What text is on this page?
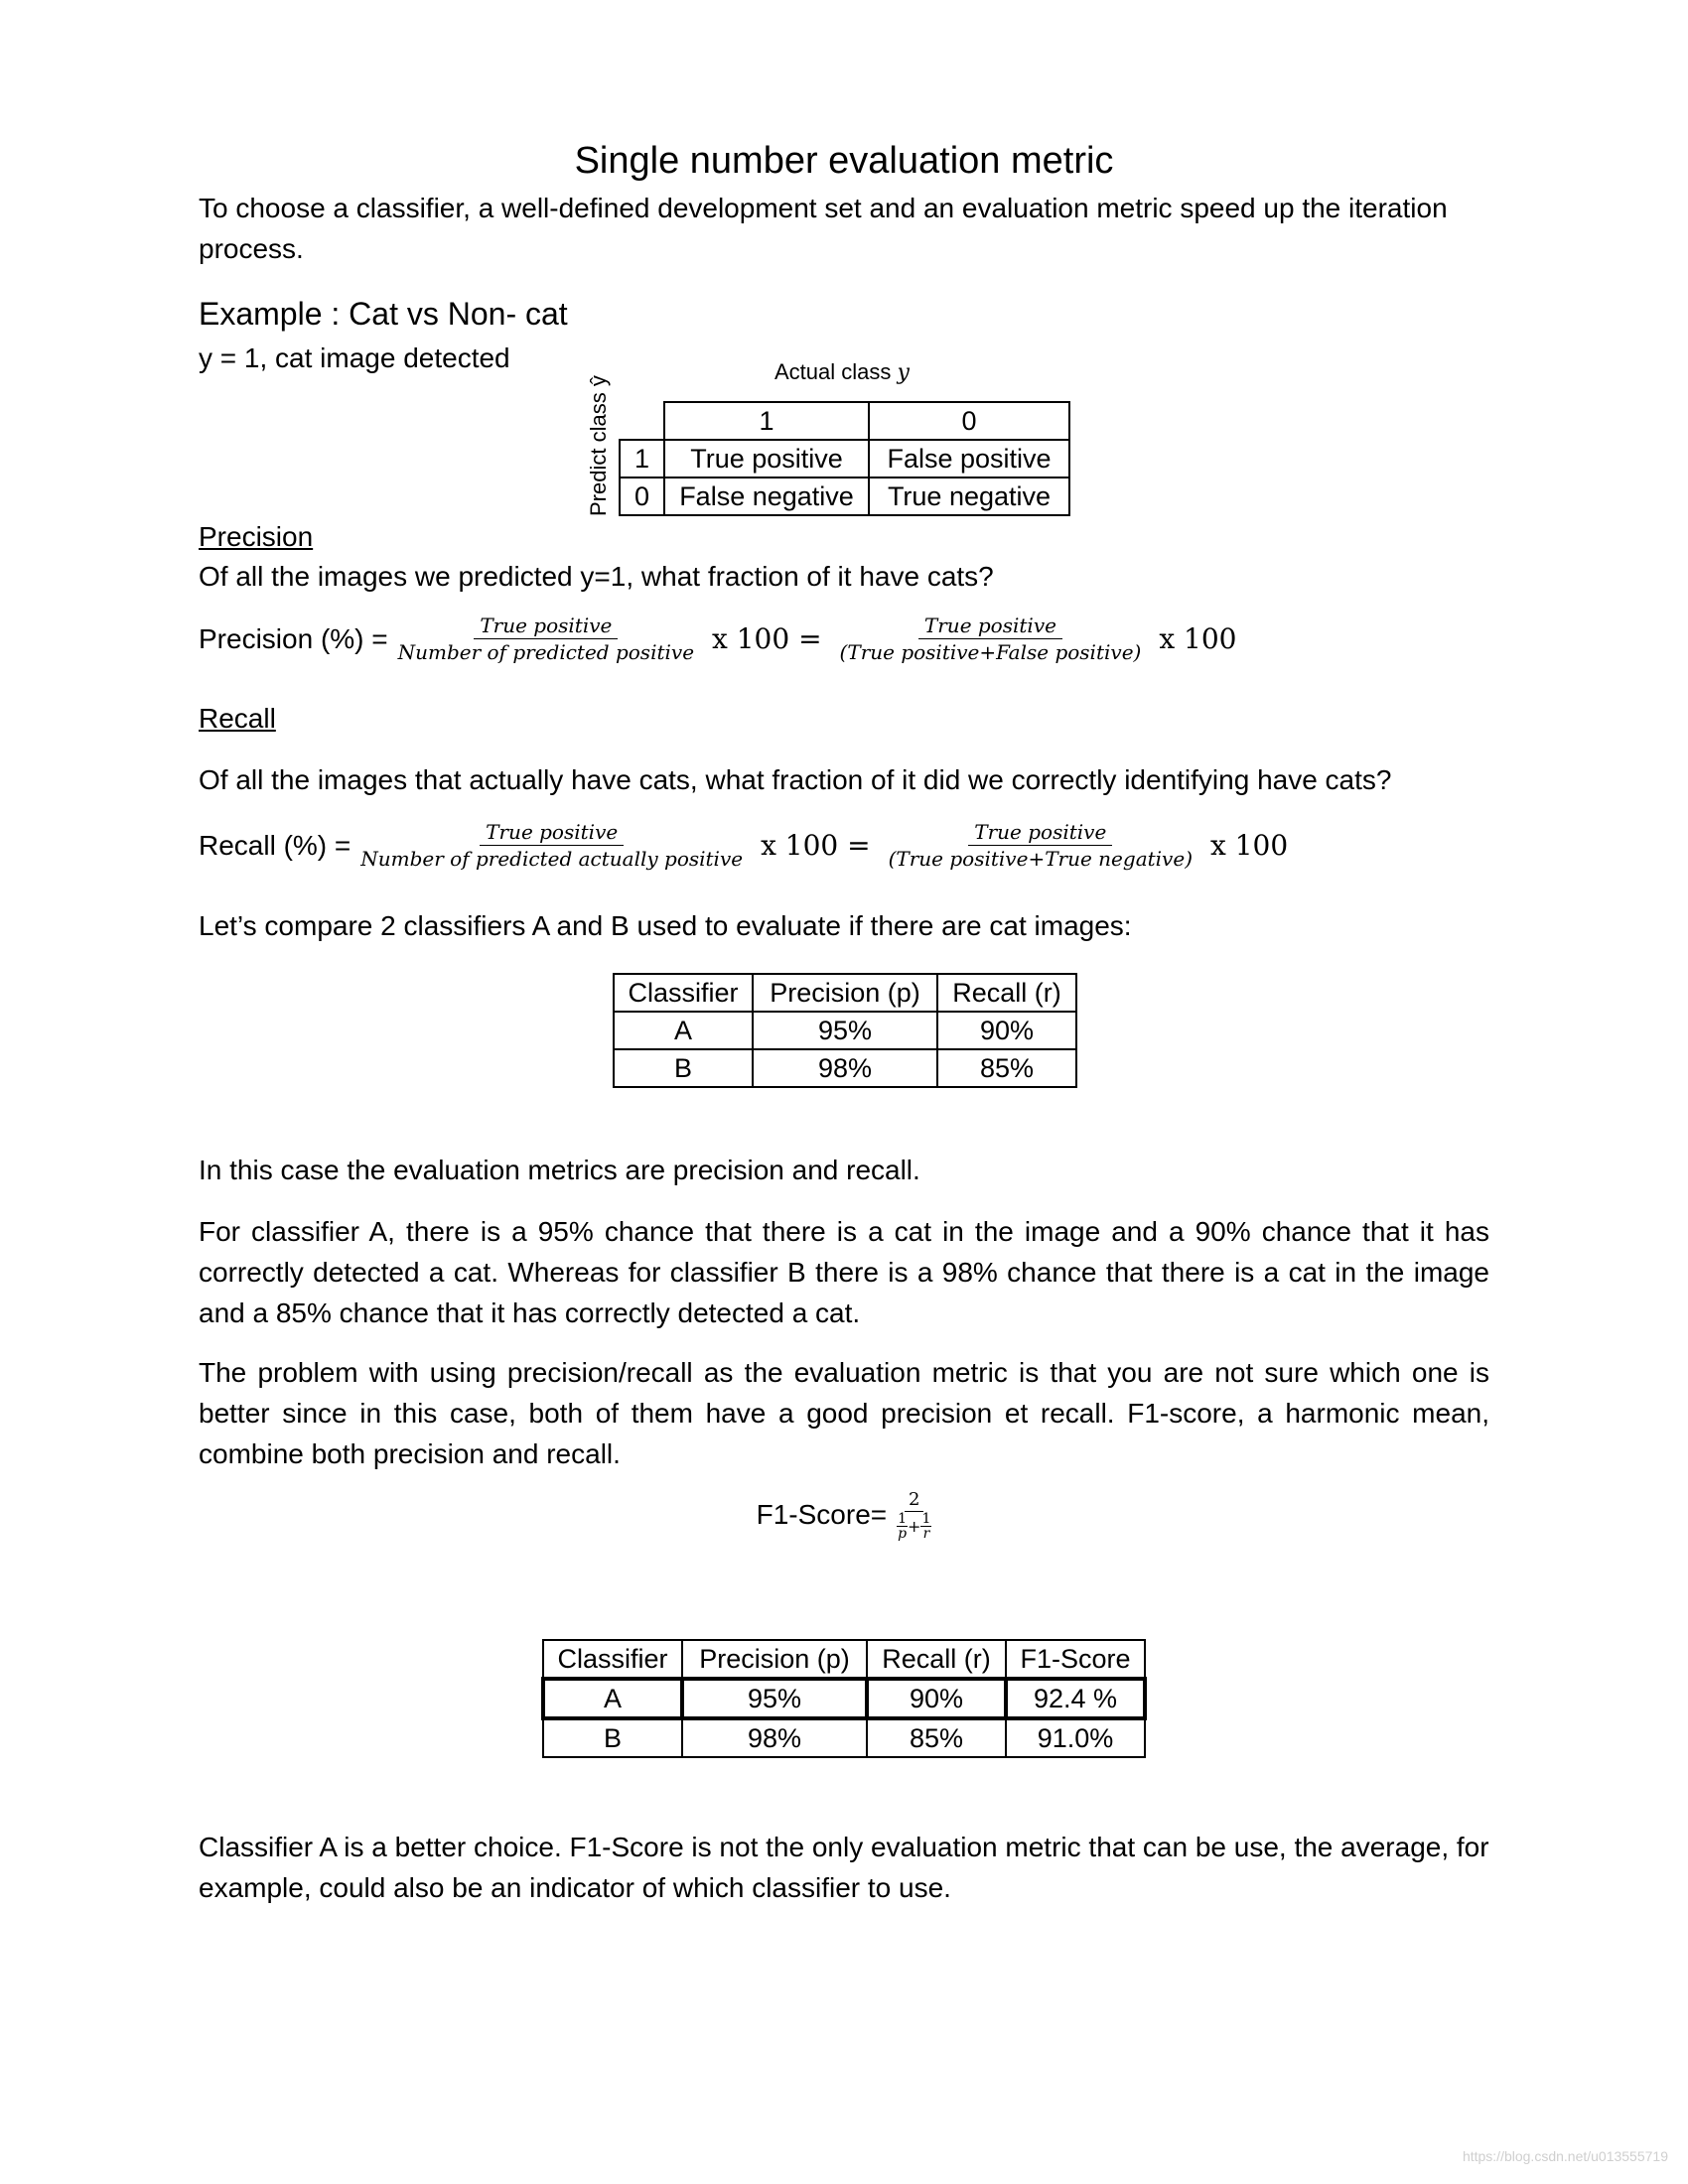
Single number evaluation metric
To choose a classifier, a well-defined development set and an evaluation metric speed up the iteration process.
Example : Cat vs Non- cat
y = 1, cat image detected	Actual class y
Predict class ŷ
		1	0
1	True positive	False positive
0	False negative	True negative
Precision
Of all the images we predicted y=1, what fraction of it have cats?
Precision (%) = $\frac{\text{True positive}}{\text{Number of predicted positive}}$ x $100 = \frac{\text{True positive}}{\text{(True positive+False positive)}}$ x 100
Recall
Of all the images that actually have cats, what fraction of it did we correctly identifying have cats?
Recall (%) = $\frac{\text{True positive}}{\text{Number of predicted actually positive}}$ x $100 = \frac{\text{True positive}}{\text{(True positive+True negative)}}$ x 100
Let’s compare 2 classifiers A and B used to evaluate if there are cat images:
Classifier	Precision (p)	Recall (r)
A	95%	90%
B	98%	85%
In this case the evaluation metrics are precision and recall.
For classifier A, there is a 95% chance that there is a cat in the image and a 90% chance that it has correctly detected a cat. Whereas for classifier B there is a 98% chance that there is a cat in the image and a 85% chance that it has correctly detected a cat.
The problem with using precision/recall as the evaluation metric is that you are not sure which one is better since in this case, both of them have a good precision et recall. F1-score, a harmonic mean, combine both precision and recall.
F1-Score= 2
1
$p + \frac{1}{r}$
Classifier	Precision (p)	Recall (r)	F1-Score
A	95%	90%	92.4 %
B	98%	85%	91.0%
Classifier A is a better choice. F1-Score is not the only evaluation metric that can be use, the average, for example, could also be an indicator of which classifier to use.
https://blog.csdn.net/u013555719
